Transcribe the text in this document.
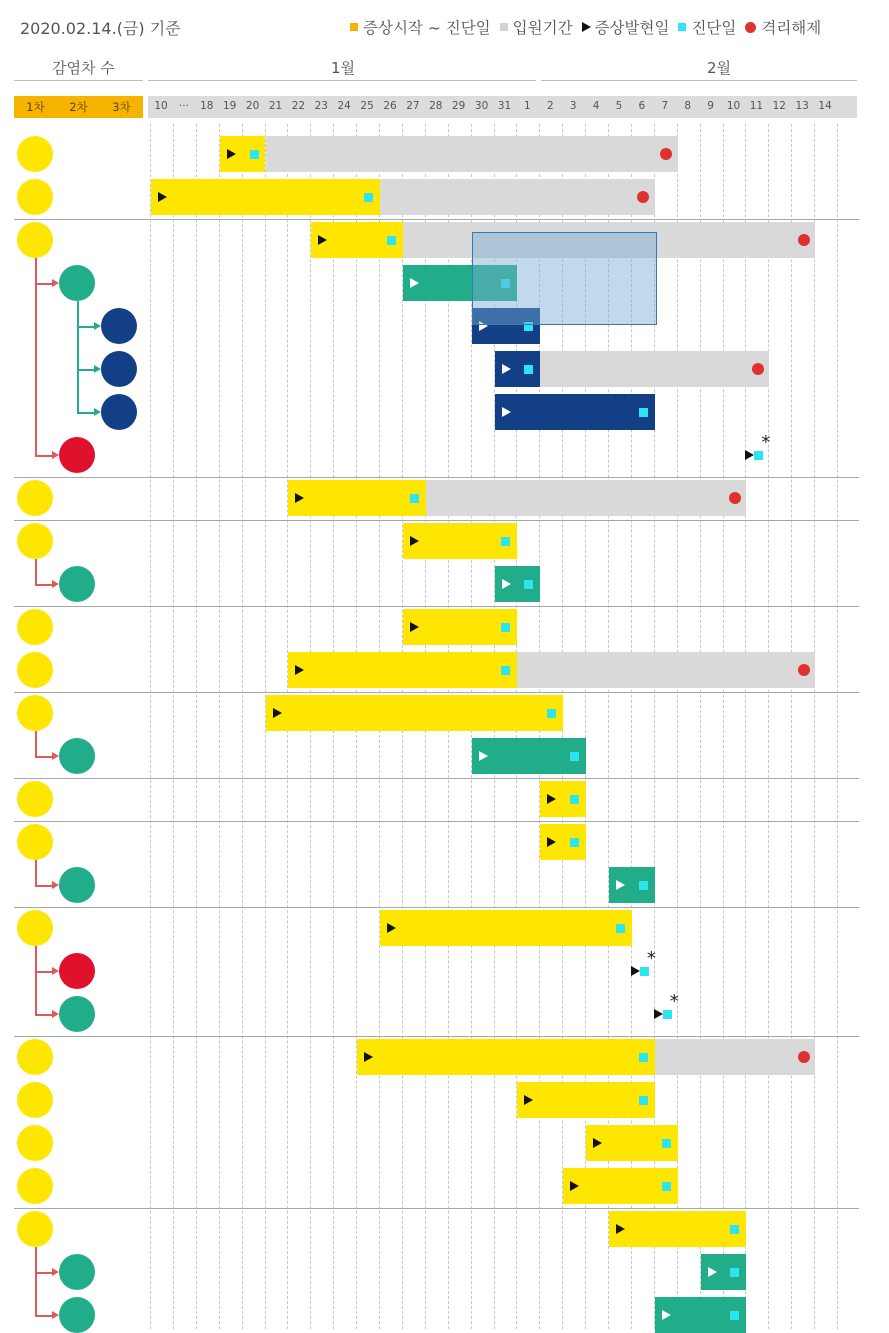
2020.02.14.(금) 기준	증상시작 ~ 진단일 입원기간 증상발현일 진단일 격리해제
감염차 수	1월	2월
1차 2차 3차	10	···	18 19 20 21 22 23 24 25 26 27 28 29 30 31	1	2	3	4	5	6	7	8	9	10 11 12 13 14
*
*
*
